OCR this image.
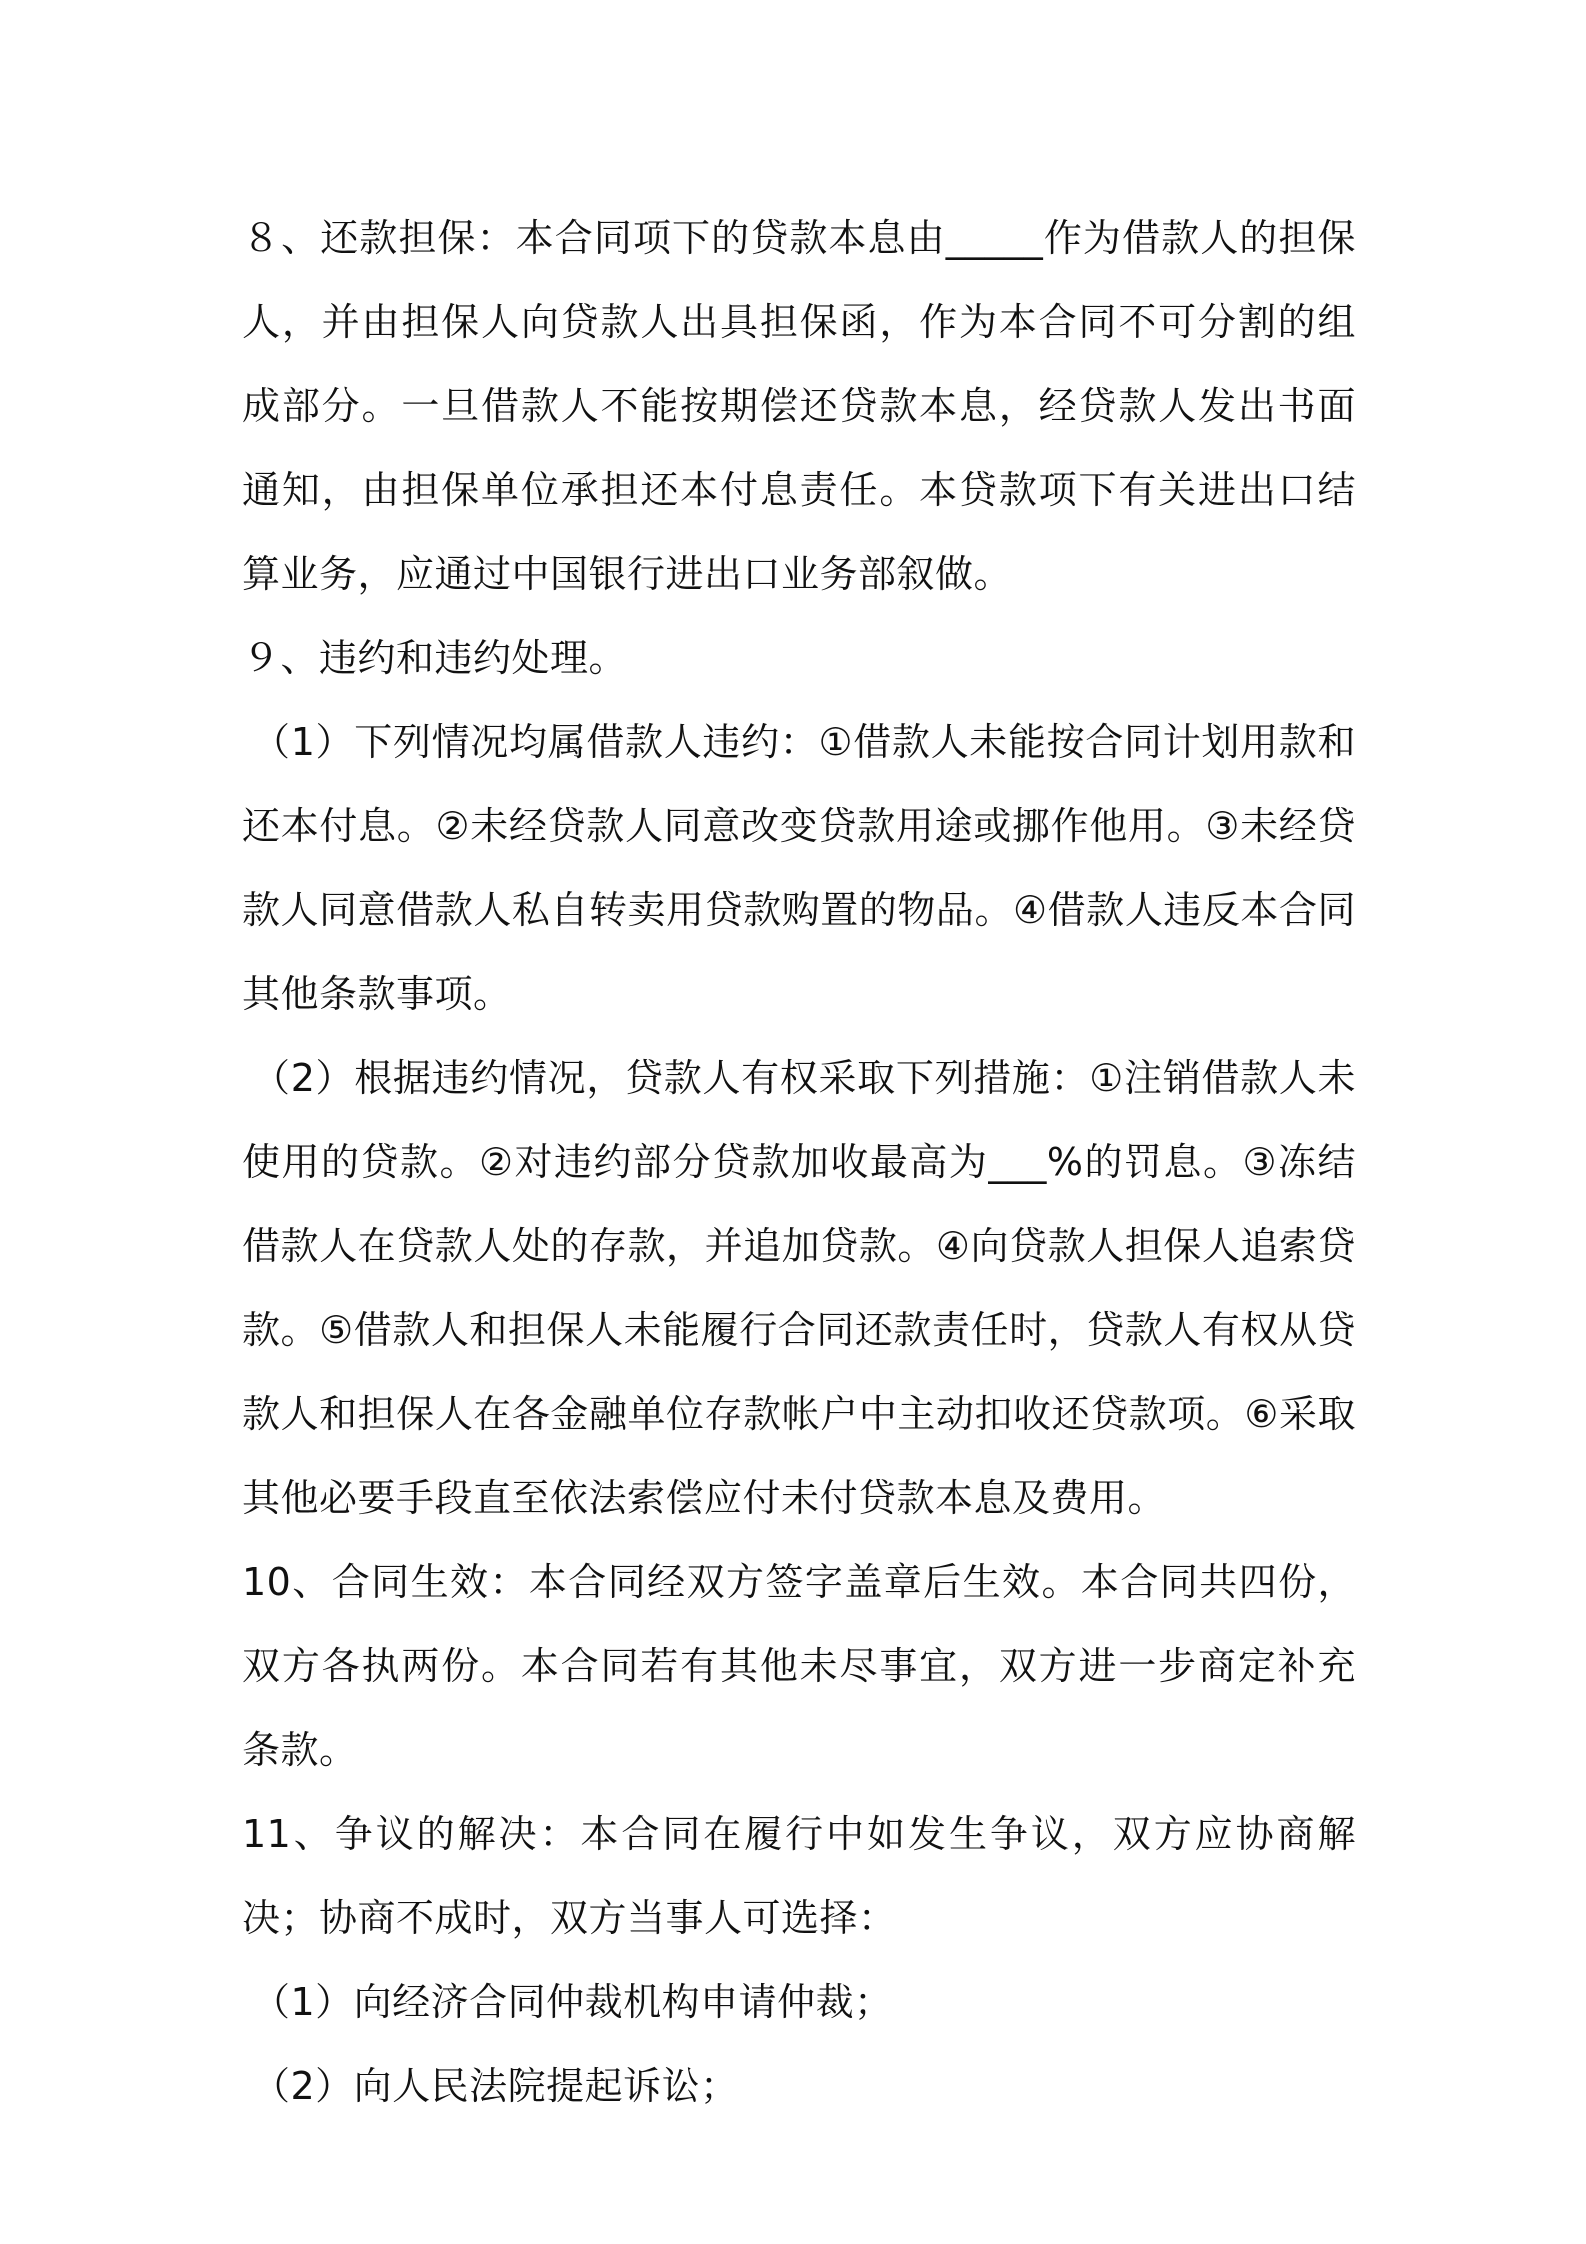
８、还款担保：本合同项下的贷款本息由_____作为借款人的担保人，并由担保人向贷款人出具担保函，作为本合同不可分割的组成部分。一旦借款人不能按期偿还贷款本息，经贷款人发出书面通知，由担保单位承担还本付息责任。本贷款项下有关进出口结算业务，应通过中国银行进出口业务部叙做。

９、违约和违约处理。

（1）下列情况均属借款人违约：①借款人未能按合同计划用款和还本付息。②未经贷款人同意改变贷款用途或挪作他用。③未经贷款人同意借款人私自转卖用贷款购置的物品。④借款人违反本合同其他条款事项。

（2）根据违约情况，贷款人有权采取下列措施：①注销借款人未使用的贷款。②对违约部分贷款加收最高为___%的罚息。③冻结借款人在贷款人处的存款，并追加贷款。④向贷款人担保人追索贷款。⑤借款人和担保人未能履行合同还款责任时，贷款人有权从贷款人和担保人在各金融单位存款帐户中主动扣收还贷款项。⑥采取其他必要手段直至依法索偿应付未付贷款本息及费用。

10、合同生效：本合同经双方签字盖章后生效。本合同共四份，双方各执两份。本合同若有其他未尽事宜，双方进一步商定补充条款。

11、争议的解决：本合同在履行中如发生争议，双方应协商解决；协商不成时，双方当事人可选择：

（1）向经济合同仲裁机构申请仲裁；

（2）向人民法院提起诉讼；
